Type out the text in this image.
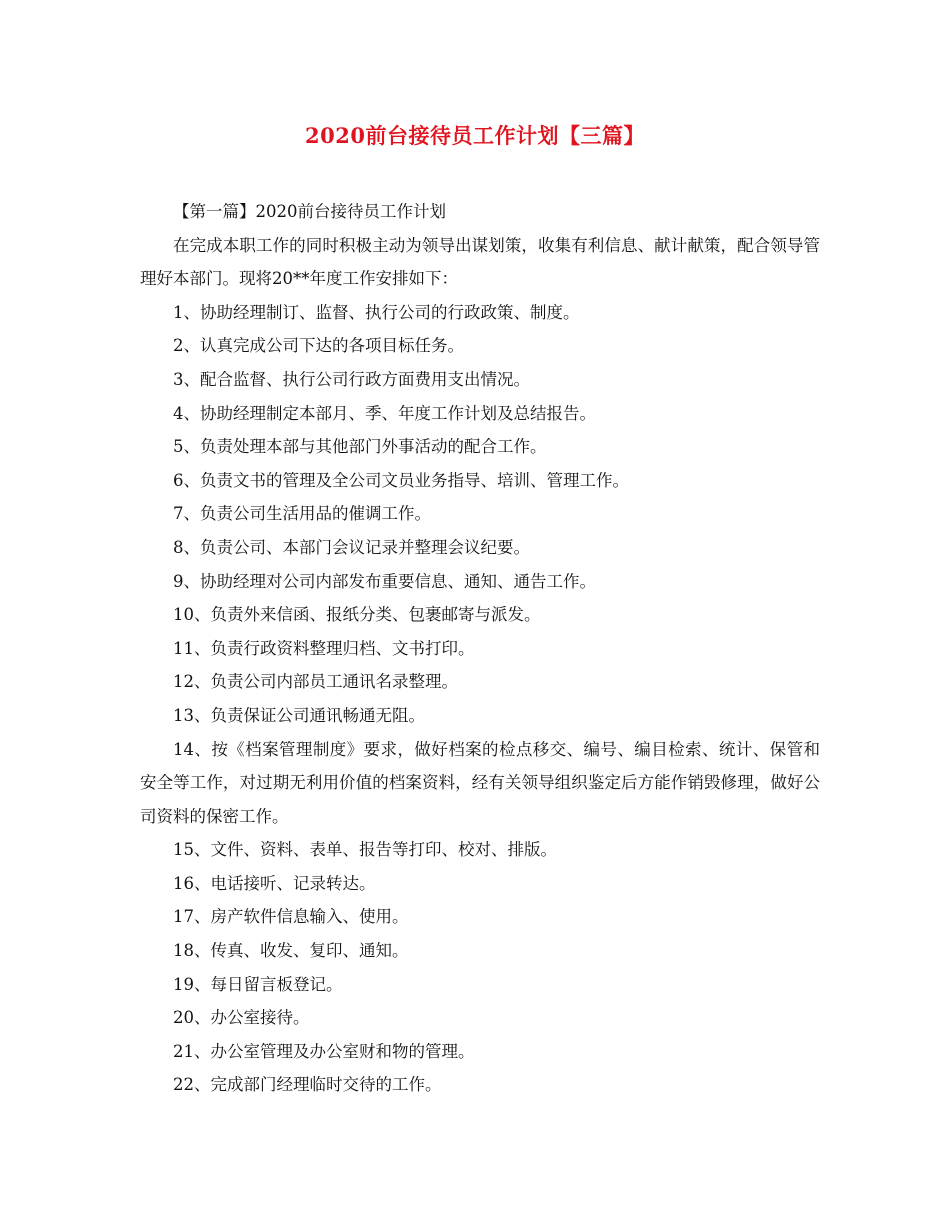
2020前台接待员工作计划【三篇】

【第一篇】2020前台接待员工作计划

在完成本职工作的同时积极主动为领导出谋划策，收集有利信息、献计献策，配合领导管理好本部门。现将20**年度工作安排如下：

1、协助经理制订、监督、执行公司的行政政策、制度。

2、认真完成公司下达的各项目标任务。

3、配合监督、执行公司行政方面费用支出情况。

4、协助经理制定本部月、季、年度工作计划及总结报告。

5、负责处理本部与其他部门外事活动的配合工作。

6、负责文书的管理及全公司文员业务指导、培训、管理工作。

7、负责公司生活用品的催调工作。

8、负责公司、本部门会议记录并整理会议纪要。

9、协助经理对公司内部发布重要信息、通知、通告工作。

10、负责外来信函、报纸分类、包裹邮寄与派发。

11、负责行政资料整理归档、文书打印。

12、负责公司内部员工通讯名录整理。

13、负责保证公司通讯畅通无阻。

14、按《档案管理制度》要求，做好档案的检点移交、编号、编目检索、统计、保管和安全等工作，对过期无利用价值的档案资料，经有关领导组织鉴定后方能作销毁修理，做好公司资料的保密工作。

15、文件、资料、表单、报告等打印、校对、排版。

16、电话接听、记录转达。

17、房产软件信息输入、使用。

18、传真、收发、复印、通知。

19、每日留言板登记。

20、办公室接待。

21、办公室管理及办公室财和物的管理。

22、完成部门经理临时交待的工作。
